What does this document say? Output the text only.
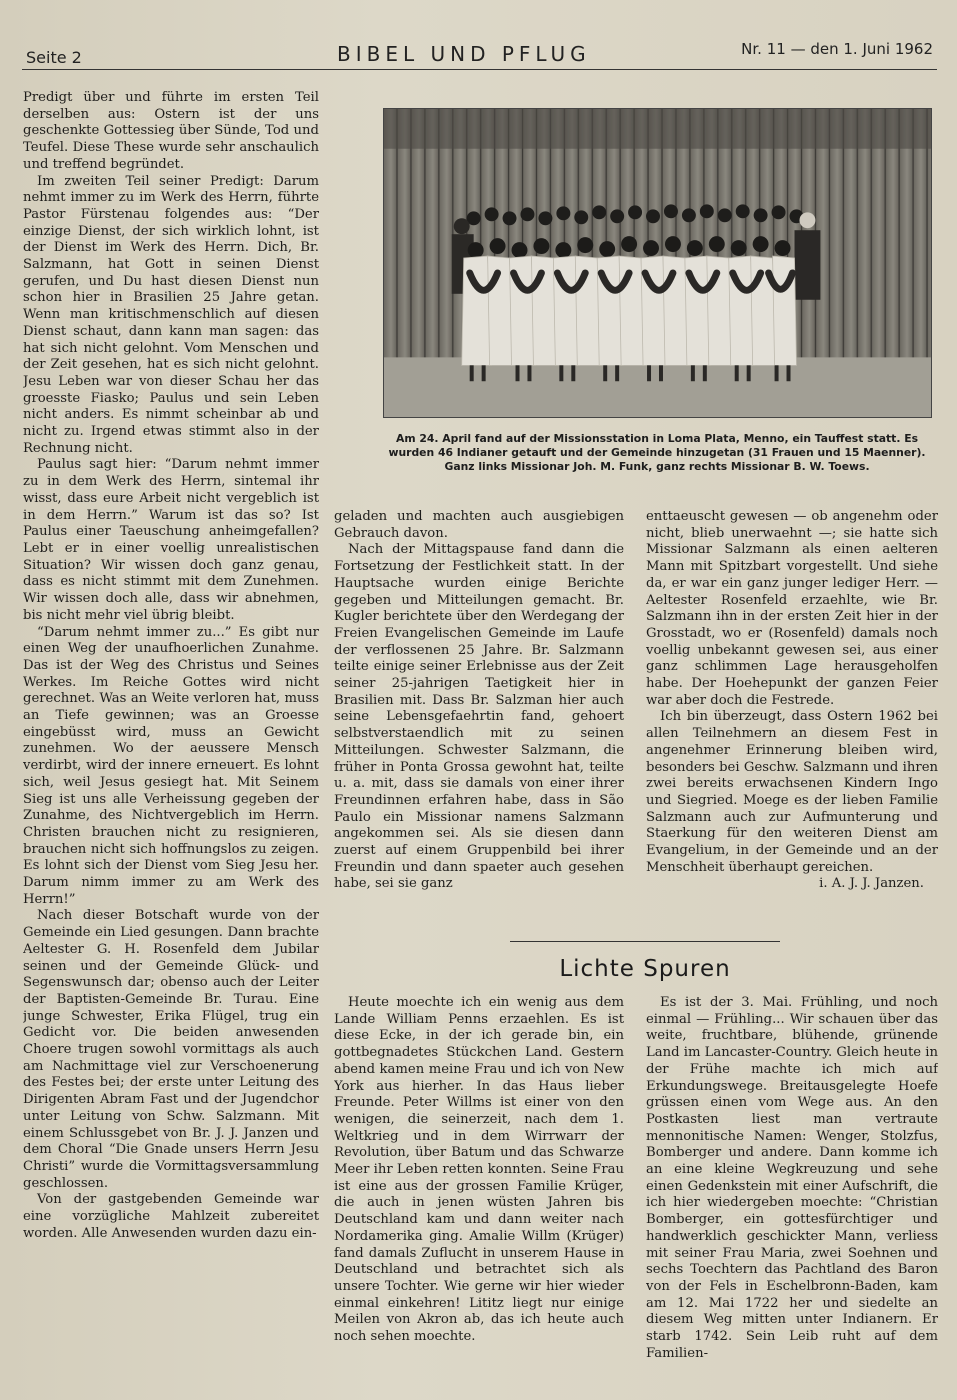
Seite 2	BIBEL UND PFLUG	Nr. 11 — den 1. Juni 1962

Predigt über und führte im ersten Teil derselben aus: Ostern ist der uns geschenkte Gottessieg über Sünde, Tod und Teufel. Diese These wurde sehr anschaulich und treffend begründet.

Im zweiten Teil seiner Predigt: Darum nehmt immer zu im Werk des Herrn, führte Pastor Fürstenau folgendes aus: “Der einzige Dienst, der sich wirklich lohnt, ist der Dienst im Werk des Herrn. Dich, Br. Salzmann, hat Gott in seinen Dienst gerufen, und Du hast diesen Dienst nun schon hier in Brasilien 25 Jahre getan. Wenn man kritischmenschlich auf diesen Dienst schaut, dann kann man sagen: das hat sich nicht gelohnt. Vom Menschen und der Zeit gesehen, hat es sich nicht gelohnt. Jesu Leben war von dieser Schau her das groesste Fiasko; Paulus und sein Leben nicht anders. Es nimmt scheinbar ab und nicht zu. Irgend etwas stimmt also in der Rechnung nicht.

Paulus sagt hier: “Darum nehmt immer zu in dem Werk des Herrn, sintemal ihr wisst, dass eure Arbeit nicht vergeblich ist in dem Herrn.” Warum ist das so? Ist Paulus einer Taeuschung anheimgefallen? Lebt er in einer voellig unrealistischen Situation? Wir wissen doch ganz genau, dass es nicht stimmt mit dem Zunehmen. Wir wissen doch alle, dass wir abnehmen, bis nicht mehr viel übrig bleibt.

“Darum nehmt immer zu...” Es gibt nur einen Weg der unaufhoerlichen Zunahme. Das ist der Weg des Christus und Seines Werkes. Im Reiche Gottes wird nicht gerechnet. Was an Weite verloren hat, muss an Tiefe gewinnen; was an Groesse eingebüsst wird, muss an Gewicht zunehmen. Wo der aeussere Mensch verdirbt, wird der innere erneuert. Es lohnt sich, weil Jesus gesiegt hat. Mit Seinem Sieg ist uns alle Verheissung gegeben der Zunahme, des Nichtvergeblich im Herrn. Christen brauchen nicht zu resignieren, brauchen nicht sich hoffnungslos zu zeigen. Es lohnt sich der Dienst vom Sieg Jesu her. Darum nimm immer zu am Werk des Herrn!”

Nach dieser Botschaft wurde von der Gemeinde ein Lied gesungen. Dann brachte Aeltester G. H. Rosenfeld dem Jubilar seinen und der Gemeinde Glück- und Segenswunsch dar; obenso auch der Leiter der Baptisten-Gemeinde Br. Turau. Eine junge Schwester, Erika Flügel, trug ein Gedicht vor. Die beiden anwesenden Choere trugen sowohl vormittags als auch am Nachmittage viel zur Verschoenerung des Festes bei; der erste unter Leitung des Dirigenten Abram Fast und der Jugendchor unter Leitung von Schw. Salzmann. Mit einem Schlussgebet von Br. J. J. Janzen und dem Choral “Die Gnade unsers Herrn Jesu Christi” wurde die Vormittagsversammlung geschlossen.

Von der gastgebenden Gemeinde war eine vorzügliche Mahlzeit zubereitet worden. Alle Anwesenden wurden dazu ein-

Am 24. April fand auf der Missionsstation in Loma Plata, Menno, ein Tauffest statt. Es wurden 46 Indianer getauft und der Gemeinde hinzugetan (31 Frauen und 15 Maenner). Ganz links Missionar Joh. M. Funk, ganz rechts Missionar B. W. Toews.

geladen und machten auch ausgiebigen Gebrauch davon.

Nach der Mittagspause fand dann die Fortsetzung der Festlichkeit statt. In der Hauptsache wurden einige Berichte gegeben und Mitteilungen gemacht. Br. Kugler berichtete über den Werdegang der Freien Evangelischen Gemeinde im Laufe der verflossenen 25 Jahre. Br. Salzmann teilte einige seiner Erlebnisse aus der Zeit seiner 25-jahrigen Taetigkeit hier in Brasilien mit. Dass Br. Salzman hier auch seine Lebensgefaehrtin fand, gehoert selbstverstaendlich mit zu seinen Mitteilungen. Schwester Salzmann, die früher in Ponta Grossa gewohnt hat, teilte u. a. mit, dass sie damals von einer ihrer Freundinnen erfahren habe, dass in São Paulo ein Missionar namens Salzmann angekommen sei. Als sie diesen dann zuerst auf einem Gruppenbild bei ihrer Freundin und dann spaeter auch gesehen habe, sei sie ganz

enttaeuscht gewesen — ob angenehm oder nicht, blieb unerwaehnt —; sie hatte sich Missionar Salzmann als einen aelteren Mann mit Spitzbart vorgestellt. Und siehe da, er war ein ganz junger lediger Herr. — Aeltester Rosenfeld erzaehlte, wie Br. Salzmann ihn in der ersten Zeit hier in der Grosstadt, wo er (Rosenfeld) damals noch voellig unbekannt gewesen sei, aus einer ganz schlimmen Lage herausgeholfen habe. Der Hoehepunkt der ganzen Feier war aber doch die Festrede.

Ich bin überzeugt, dass Ostern 1962 bei allen Teilnehmern an diesem Fest in angenehmer Erinnerung bleiben wird, besonders bei Geschw. Salzmann und ihren zwei bereits erwachsenen Kindern Ingo und Siegried. Moege es der lieben Familie Salzmann auch zur Aufmunterung und Staerkung für den weiteren Dienst am Evangelium, in der Gemeinde und an der Menschheit überhaupt gereichen.

i. A. J. J. Janzen.

Lichte Spuren

Heute moechte ich ein wenig aus dem Lande William Penns erzaehlen. Es ist diese Ecke, in der ich gerade bin, ein gottbegnadetes Stückchen Land. Gestern abend kamen meine Frau und ich von New York aus hierher. In das Haus lieber Freunde. Peter Willms ist einer von den wenigen, die seinerzeit, nach dem 1. Weltkrieg und in dem Wirrwarr der Revolution, über Batum und das Schwarze Meer ihr Leben retten konnten. Seine Frau ist eine aus der grossen Familie Krüger, die auch in jenen wüsten Jahren bis Deutschland kam und dann weiter nach Nordamerika ging. Amalie Willm (Krüger) fand damals Zuflucht in unserem Hause in Deutschland und betrachtet sich als unsere Tochter. Wie gerne wir hier wieder einmal einkehren! Lititz liegt nur einige Meilen von Akron ab, das ich heute auch noch sehen moechte.

Es ist der 3. Mai. Frühling, und noch einmal — Frühling... Wir schauen über das weite, fruchtbare, blühende, grünende Land im Lancaster-Country. Gleich heute in der Frühe machte ich mich auf Erkundungswege. Breitausgelegte Hoefe grüssen einen vom Wege aus. An den Postkasten liest man vertraute mennonitische Namen: Wenger, Stolzfus, Bomberger und andere. Dann komme ich an eine kleine Wegkreuzung und sehe einen Gedenkstein mit einer Aufschrift, die ich hier wiedergeben moechte: “Christian Bomberger, ein gottesfürchtiger und handwerklich geschickter Mann, verliess mit seiner Frau Maria, zwei Soehnen und sechs Toechtern das Pachtland des Baron von der Fels in Eschelbronn-Baden, kam am 12. Mai 1722 her und siedelte an diesem Weg mitten unter Indianern. Er starb 1742. Sein Leib ruht auf dem Familien-
